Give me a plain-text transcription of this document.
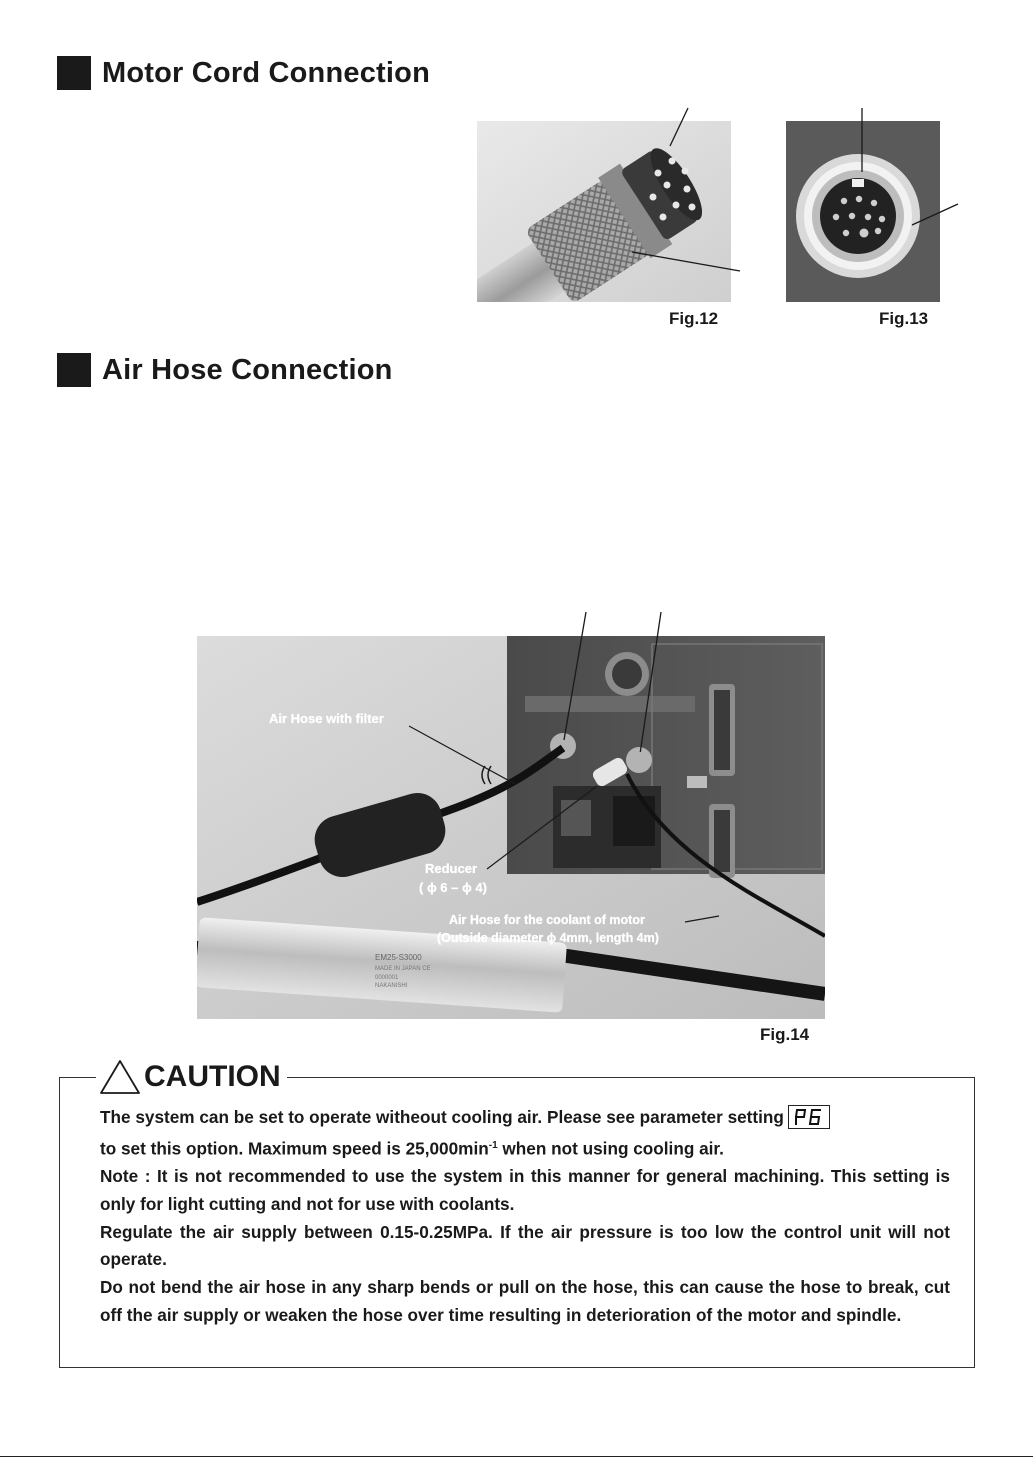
Motor Cord Connection
Fig.12	Fig.13
Air Hose Connection
EM25-S3000
MADE IN JAPAN CE
0000001
NAKANISHI
Air Hose with filter
Reducer
( ϕ 6 – ϕ 4)
Air Hose for the coolant of motor
(Outside diameter ϕ 4mm, length 4m)
Fig.14
CAUTION

The system can be set to operate witheout cooling air. Please see parameter setting

to set this option. Maximum speed is $25,000\min^{-1}$ when not using cooling air.

Note : It is not recommended to use the system in this manner for general machining. This setting is only for light cutting and not for use with coolants.

Regulate the air supply between 0.15-0.25MPa. If the air pressure is too low the control unit will not operate.

Do not bend the air hose in any sharp bends or pull on the hose, this can cause the hose to break, cut off the air supply or weaken the hose over time resulting in deterioration of the motor and spindle.
